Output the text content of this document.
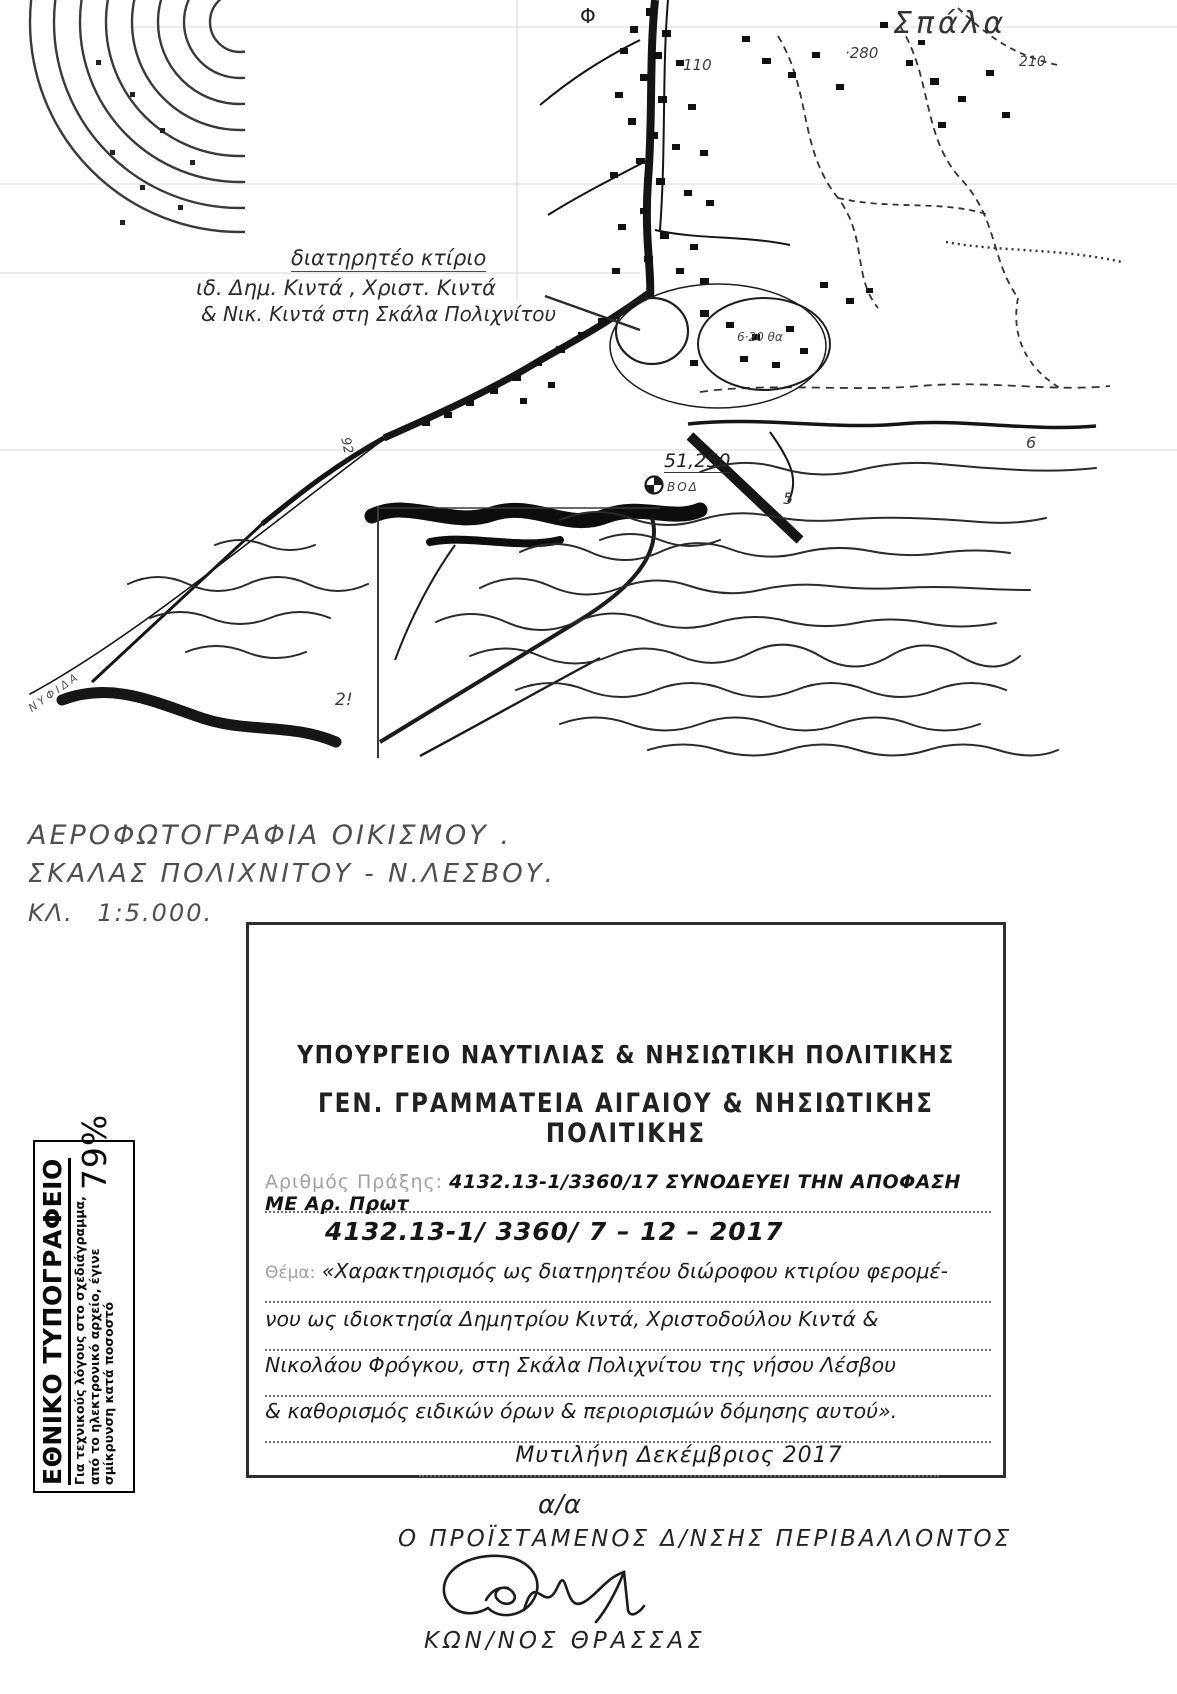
Σπάλα
Φ
110
·280	210
διατηρητέο κτίριο
ιδ. Δημ. Κιντά , Χριστ. Κιντά
& Νικ. Κιντά στη Σκάλα Πολιχνίτου
51,250
ΒΟΔ
6·20 θα
5
6
2!
ΝΥΦΙΔΑ
92
ΑΕΡΟΦΩΤΟΓΡΑΦΙΑ ΟΙΚΙΣΜΟΥ .
ΣΚΑΛΑΣ ΠΟΛΙΧΝΙΤΟΥ - Ν.ΛΕΣΒΟΥ.
ΚΛ. 1:5.000.
ΥΠΟΥΡΓΕΙΟ ΝΑΥΤΙΛΙΑΣ & ΝΗΣΙΩΤΙΚΗ ΠΟΛΙΤΙΚΗΣ
ΓΕΝ. ΓΡΑΜΜΑΤΕΙΑ ΑΙΓΑΙΟΥ & ΝΗΣΙΩΤΙΚΗΣ ΠΟΛΙΤΙΚΗΣ
Αριθμός Πράξης: 4132.13-1/3360/17 ΣΥΝΟΔΕΥΕΙ ΤΗΝ ΑΠΟΦΑΣΗ ΜΕ Αρ. Πρωτ
4132.13-1/ 3360/ 7 – 12 – 2017
Θέμα: «Χαρακτηρισμός ως διατηρητέου διώροφου κτιρίου φερομέ-
νου ως ιδιοκτησία Δημητρίου Κιντά, Χριστοδούλου Κιντά &
Νικολάου Φρόγκου, στη Σκάλα Πολιχνίτου της νήσου Λέσβου
& καθορισμός ειδικών όρων & περιορισμών δόμησης αυτού».
Μυτιλήνη Δεκέμβριος 2017
α/α
Ο ΠΡΟΪΣΤΑΜΕΝΟΣ Δ/ΝΣΗΣ ΠΕΡΙΒΑΛΛΟΝΤΟΣ
ΚΩΝ/ΝΟΣ ΘΡΑΣΣΑΣ
ΕΘΝΙΚΟ ΤΥΠΟΓΡΑΦΕΙΟ Για τεχνικούς λόγους στο σχεδιάγραμμα, από το ηλεκτρονικό αρχείο, έγινε σμίκρυνση κατά ποσοστό
79%
